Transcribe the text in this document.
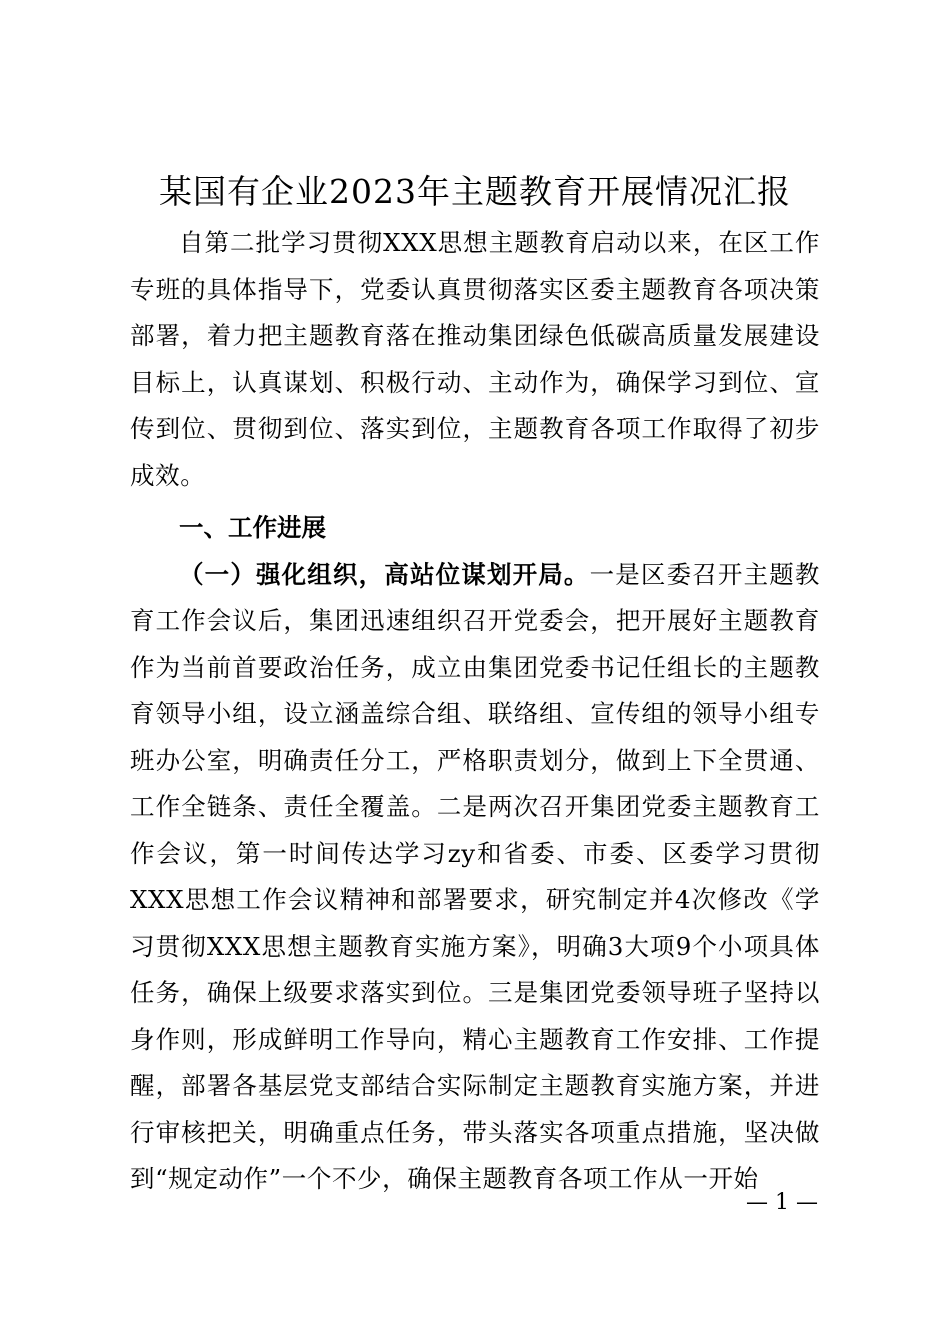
某国有企业2023年主题教育开展情况汇报

自第二批学习贯彻XXX思想主题教育启动以来，在区工作专班的具体指导下，党委认真贯彻落实区委主题教育各项决策部署，着力把主题教育落在推动集团绿色低碳高质量发展建设目标上，认真谋划、积极行动、主动作为，确保学习到位、宣传到位、贯彻到位、落实到位，主题教育各项工作取得了初步成效。

一、工作进展

（一）强化组织，高站位谋划开局。一是区委召开主题教育工作会议后，集团迅速组织召开党委会，把开展好主题教育作为当前首要政治任务，成立由集团党委书记任组长的主题教育领导小组，设立涵盖综合组、联络组、宣传组的领导小组专班办公室，明确责任分工，严格职责划分，做到上下全贯通、工作全链条、责任全覆盖。二是两次召开集团党委主题教育工作会议，第一时间传达学习zy和省委、市委、区委学习贯彻XXX思想工作会议精神和部署要求，研究制定并4次修改《学习贯彻XXX思想主题教育实施方案》，明确3大项9个小项具体任务，确保上级要求落实到位。三是集团党委领导班子坚持以身作则，形成鲜明工作导向，精心主题教育工作安排、工作提醒，部署各基层党支部结合实际制定主题教育实施方案，并进行审核把关，明确重点任务，带头落实各项重点措施，坚决做到“规定动作”一个不少，确保主题教育各项工作从一开始

— 1 —
